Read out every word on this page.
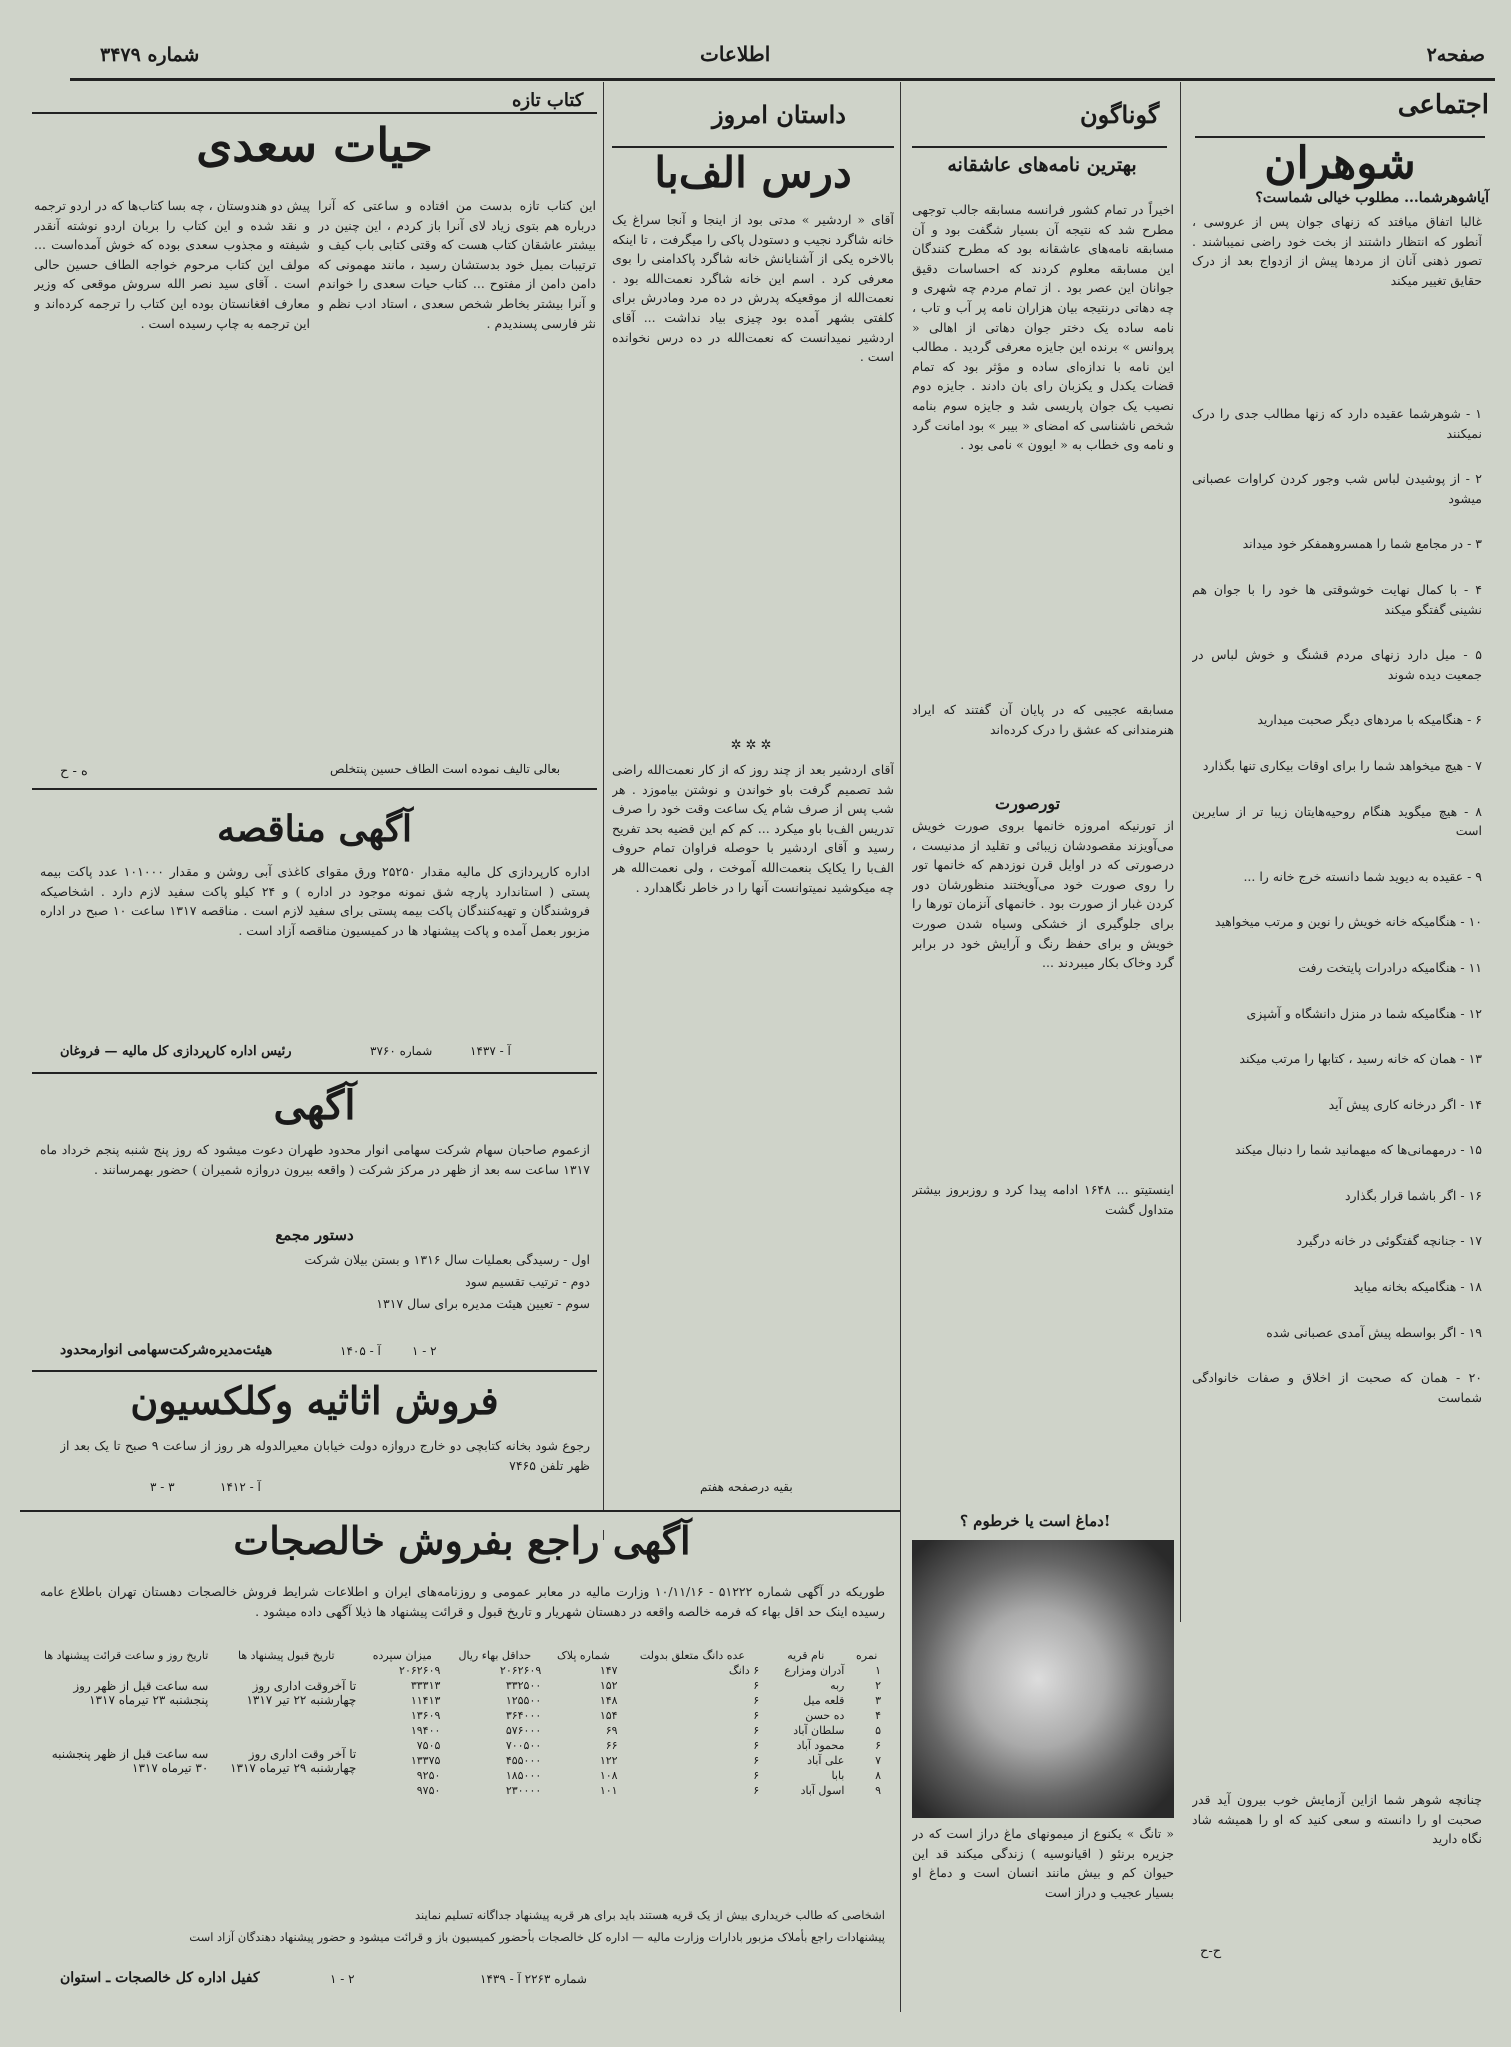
صفحه۲
اطلاعات
شماره ۳۴۷۹
اجتماعی
شوهران
آیاشوهرشما... مطلوب خیالی شماست؟
غالبا اتفاق میافتد که زنهای جوان پس از عروسی ، آنطور که انتظار داشتند از بخت خود راضی نمیباشند . تصور ذهنی آنان از مردها پیش از ازدواج بعد از درک حقایق تغییر میکند
۱ - شوهرشما عقیده دارد که زنها مطالب جدی را درک نمیکنند
۲ - از پوشیدن لباس شب وجور کردن کراوات عصبانی میشود
۳ - در مجامع شما را همسروهمفکر خود میداند
۴ - با کمال نهایت خوشوقتی ها خود را با جوان هم نشینی گفتگو میکند
۵ - میل دارد زنهای مردم قشنگ و خوش لباس در جمعیت دیده شوند
۶ - هنگامیکه با مردهای دیگر صحبت میدارید
۷ - هیچ میخواهد شما را برای اوقات بیکاری تنها بگذارد
۸ - هیچ میگوید هنگام روحیه‌هایتان زیبا تر از سایرین است
۹ - عقیده به دیوید شما دانسته خرج خانه را ...
۱۰ - هنگامیکه خانه خویش را نوین و مرتب میخواهید
۱۱ - هنگامیکه درادرات پایتخت رفت
۱۲ - هنگامیکه شما در منزل دانشگاه و آشپزی
۱۳ - همان که خانه رسید ، کتابها را مرتب میکند
۱۴ - اگر درخانه کاری پیش آید
۱۵ - درمهمانی‌ها که میهمانید شما را دنبال میکند
۱۶ - اگر باشما قرار بگذارد
۱۷ - جنانچه گفتگوئی در خانه درگیرد
۱۸ - هنگامیکه بخانه میاید
۱۹ - اگر بواسطه پیش آمدی عصبانی شده
۲۰ - همان که صحبت از اخلاق و صفات خانوادگی شماست
چنانچه شوهر شما ازاین آزمایش خوب بیرون آید قدر صحبت او را دانسته و سعی کنید که او را همیشه شاد نگاه دارید
ح-ح
گوناگون
بهترین نامه‌های عاشقانه
اخیراً در تمام کشور فرانسه مسابقه جالب توجهی مطرح شد که نتیجه آن بسیار شگفت بود و آن مسابقه نامه‌های عاشقانه بود که مطرح کنندگان این مسابقه معلوم کردند که احساسات دقیق جوانان این عصر بود . از تمام مردم چه شهری و چه دهاتی درنتیجه بیان هزاران نامه پر آب و تاب ، نامه ساده یک دختر جوان دهاتی از اهالی « پروانس » برنده این جایزه معرفی گردید . مطالب این نامه با ندازه‌ای ساده و مؤثر بود که تمام قضات یکدل و یکزبان رای بان دادند . جایزه دوم نصیب یک جوان پاریسی شد و جایزه سوم بنامه شخص ناشناسی که امضای « بیبر » بود امانت گرد و نامه وی خطاب به « ایوون » نامی بود .
مسابقه عجیبی که در پایان آن گفتند که ایراد هنرمندانی که عشق را درک کرده‌اند
تورصورت
از تورنیکه امروزه خانمها بروی صورت خویش می‌آویزند مقصودشان زیبائی و تقلید از مدنیست ، درصورتی که در اوایل قرن نوزدهم که خانمها تور را روی صورت خود می‌آویختند منظورشان دور کردن غبار از صورت بود . خانمهای آنزمان تورها را برای جلوگیری از خشکی وسیاه شدن صورت خویش و برای حفظ رنگ و آرایش خود در برابر گرد وخاک بکار میبردند ...
اینستیتو ... ۱۶۴۸ ادامه پیدا کرد و روزبروز بیشتر متداول گشت
دماغ است یا خرطوم ؟!
« تانگ » یکنوع از میمونهای ماغ دراز است که در جزیره برنئو ( اقیانوسیه ) زندگی میکند قد این حیوان کم و بیش مانند انسان است و دماغ او بسیار عجیب و دراز است
داستان امروز
درس الف‌با
آقای « اردشیر » مدتی بود از اینجا و آنجا سراغ یک خانه شاگرد نجیب و دستودل پاکی را میگرفت ، تا اینکه بالاخره یکی از آشنایانش خانه شاگرد پاکدامنی را بوی معرفی کرد . اسم این خانه شاگرد نعمت‌الله بود . نعمت‌الله از موقعیکه پدرش در ده مرد ومادرش برای کلفتی بشهر آمده بود چیزی بیاد نداشت ... آقای اردشیر نمیدانست که نعمت‌الله در ده درس نخوانده است .
✲✲✲
آقای اردشیر بعد از چند روز که از کار نعمت‌الله راضی شد تصمیم گرفت باو خواندن و نوشتن بیاموزد . هر شب پس از صرف شام یک ساعت وقت خود را صرف تدریس الف‌با باو میکرد ... کم کم این قضیه بحد تفریح رسید و آقای اردشیر با حوصله فراوان تمام حروف الف‌با را یکایک بنعمت‌الله آموخت ، ولی نعمت‌الله هر چه میکوشید نمیتوانست آنها را در خاطر نگاهدارد .
بقیه درصفحه هفتم
کتاب تازه
حیات سعدی
این کتاب تازه بدست من افتاده و ساعتی که آنرا درباره هم بتوی زیاد لای آنرا باز کردم ، این چنین در بیشتر عاشقان کتاب هست که وقتی کتابی باب کیف و ترتیبات بمیل خود بدستشان رسید ، مانند مهمونی که دامن دامن از مفتوح ... کتاب حیات سعدی را خواندم و آنرا بیشتر بخاطر شخص سعدی ، استاد ادب نظم و نثر فارسی پسندیدم .
پیش دو هندوستان ، چه بسا کتاب‌ها که در اردو ترجمه و نقد شده و این کتاب را بربان اردو نوشته آنقدر شیفته و مجذوب سعدی بوده که خوش آمده‌است ... مولف این کتاب مرحوم خواجه الطاف حسین حالی است . آقای سید نصر الله سروش موقعی که وزیر معارف افغانستان بوده این کتاب را ترجمه کرده‌اند و این ترجمه به چاپ رسیده است .
بعالی تالیف نموده است الطاف حسین پنتخلص
ه - ح
آگهی مناقصه
اداره کارپردازی کل مالیه مقدار ۲۵۲۵۰ ورق مقوای کاغذی آبی روشن و مقدار ۱۰۱۰۰۰ عدد پاکت بیمه پستی ( استاندارد پارچه شق نمونه موجود در اداره ) و ۲۴ کیلو پاکت سفید لازم دارد . اشخاصیکه فروشندگان و تهیه‌کنندگان پاکت بیمه پستی برای سفید لازم است . مناقصه ۱۳۱۷ ساعت ۱۰ صبح در اداره مزبور بعمل آمده و پاکت پیشنهاد ها در کمیسیون مناقصه آزاد است .
آ - ۱۴۳۷
شماره ۳۷۶۰
رئیس اداره کارپردازی کل مالیه — فروغان
آگهی
ازعموم صاحبان سهام شرکت سهامی انوار محدود طهران دعوت میشود که روز پنج شنبه پنجم خرداد ماه ۱۳۱۷ ساعت سه بعد از ظهر در مرکز شرکت ( واقعه بیرون دروازه شمیران ) حضور بهمرسانند .
دستور مجمع
اول - رسیدگی بعملیات سال ۱۳۱۶ و بستن بیلان شرکت
دوم - ترتیب تقسیم سود
سوم - تعیین هیئت مدیره برای سال ۱۳۱۷
آ - ۱۴۰۵	۱ - ۲
هیئت‌مدیره‌شرکت‌سهامی انوارمحدود
فروش اثاثیه وکلکسیون
رجوع شود بخانه کتابچی دو خارج دروازه دولت خیابان معیرالدوله هر روز از ساعت ۹ صبح تا یک بعد از ظهر تلفن ۷۴۶۵
آ - ۱۴۱۲
۳ - ۳
آگهی راجع بفروش خالصجات
طوریکه در آگهی شماره ۵۱۲۲۲ - ۱۰/۱۱/۱۶ وزارت مالیه در معابر عمومی و روزنامه‌های ایران و اطلاعات شرایط فروش خالصجات دهستان تهران باطلاع عامه رسیده اینک حد اقل بهاء که فرمه خالصه واقعه در دهستان شهریار و تاریخ قبول و قرائت پیشنهاد ها ذیلا آگهی داده میشود .
نمره	نام قریه	عده دانگ متعلق بدولت	شماره پلاک	حداقل بهاء ریال	میزان سپرده	تاریخ قبول پیشنهاد ها	تاریخ روز و ساعت قرائت پیشنهاد ها
۱	آدران ومزارع	۶ دانگ	۱۴۷	۲۰۶۲۶۰۹	۲۰۶۲۶۰۹	تا آخروقت اداری روز چهارشنبه ۲۲ تیر ۱۳۱۷	سه ساعت قبل از ظهر روز پنجشنبه ۲۳ تیرماه ۱۳۱۷
۲	ربه	۶	۱۵۲	۳۳۲۵۰۰	۳۳۳۱۳		
۳	قلعه میل	۶	۱۴۸	۱۲۵۵۰۰	۱۱۴۱۳		
۴	ده حسن	۶	۱۵۴	۳۶۴۰۰۰	۱۳۶۰۹		
۵	سلطان آباد	۶	۶۹	۵۷۶۰۰۰	۱۹۴۰۰	تا آخر وقت اداری روز چهارشنبه ۲۹ تیرماه ۱۳۱۷	سه ساعت قبل از ظهر پنجشنبه ۳۰ تیرماه ۱۳۱۷
۶	محمود آباد	۶	۶۶	۷۰۰۵۰۰	۷۵۰۵		
۷	علی آباد	۶	۱۲۲	۴۵۵۰۰۰	۱۳۳۷۵		
۸	بابا	۶	۱۰۸	۱۸۵۰۰۰	۹۲۵۰		
۹	اسول آباد	۶	۱۰۱	۲۳۰۰۰۰	۹۷۵۰		
اشخاصی که طالب خریداری بیش از یک قریه هستند باید برای هر قریه پیشنهاد جداگانه تسلیم نمایند
پیشنهادات راجع بأملاک مزبور بادارات وزارت مالیه — اداره کل خالصجات بأحضور کمیسیون باز و قرائت میشود و حضور پیشنهاد دهندگان آزاد است
شماره ۲۲۶۳ آ - ۱۴۳۹
۱ - ۲
کفیل اداره کل خالصجات ـ استوان
